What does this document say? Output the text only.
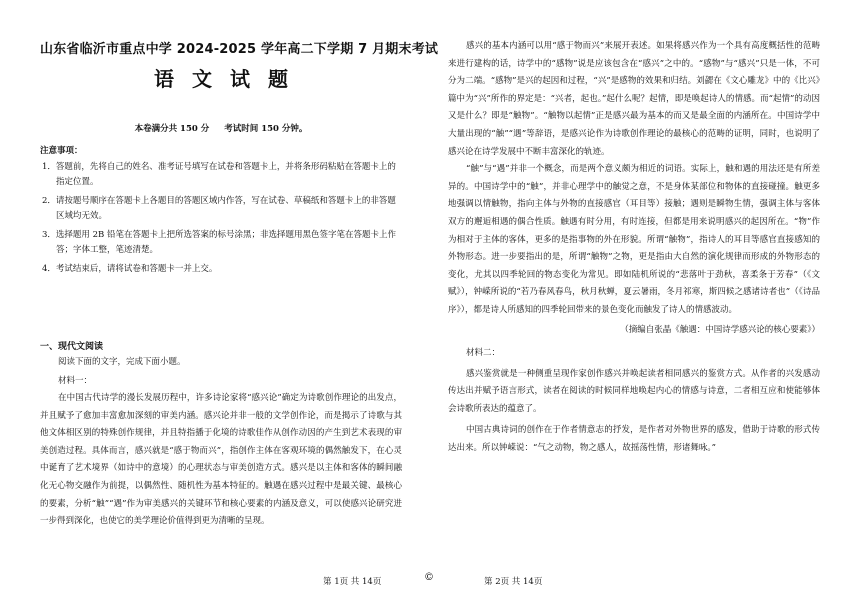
山东省临沂市重点中学 2024-2025 学年高二下学期 7 月期末考试
语文试题
本卷满分共 150 分 考试时间 150 分钟。
注意事项：
1．答题前，先将自己的姓名、准考证号填写在试卷和答题卡上，并将条形码粘贴在答题卡上的指定位置。
2．请按题号顺序在答题卡上各题目的答题区域内作答，写在试卷、草稿纸和答题卡上的非答题区域均无效。
3．选择题用 2B 铅笔在答题卡上把所选答案的标号涂黑；非选择题用黑色签字笔在答题卡上作答；字体工整，笔迹清楚。
4．考试结束后，请将试卷和答题卡一并上交。
一、现代文阅读

阅读下面的文字，完成下面小题。

材料一：

在中国古代诗学的漫长发展历程中，许多诗论家将“感兴论”确定为诗歌创作理论的出发点，并且赋予了愈加丰富愈加深刻的审美内涵。感兴论并非一般的文学创作论，而是揭示了诗歌与其他文体相区别的特殊创作规律，并且特指播于化境的诗歌佳作从创作动因的产生到艺术表现的审美创造过程。具体而言，感兴就是“感于物而兴”，指创作主体在客观环境的偶然触发下，在心灵中诞育了艺术境界（如诗中的意境）的心理状态与审美创造方式。感兴是以主体和客体的瞬间融化无心物交融作为前提，以偶然性、随机性为基本特征的。触遇在感兴过程中是最关键、最核心的要素，分析“触”“遇”作为审美感兴的关键环节和核心要素的内涵及意义，可以使感兴论研究进一步得到深化，也使它的美学理论价值得到更为清晰的呈现。

感兴的基本内涵可以用“感于物而兴”来展开表述。如果将感兴作为一个具有高度概括性的范畴来进行建构的话，诗学中的“感物”说是应该包含在“感兴”之中的。“感物”与“感兴”只是一体，不可分为二端。“感物”是兴的起因和过程，“兴”是感物的效果和归结。刘勰在《文心雕龙》中的《比兴》篇中为“兴”所作的界定是：“兴者，起也。”起什么呢？起情，即是唤起诗人的情感。而“起情”的动因又是什么？即是“触物”。“触物以起情”正是感兴最为基本的而又是最全面的内涵所在。中国诗学中大量出现的“触”“遇”等辞语，是感兴论作为诗歌创作理论的最核心的范畴的证明，同时，也说明了感兴论在诗学发展中不断丰富深化的轨迹。

“触”与“遇”并非一个概念，而是两个意义颇为相近的词语。实际上，触和遇的用法还是有所差异的。中国诗学中的“触”，并非心理学中的触觉之意，不是身体某部位和物体的直接碰撞。触更多地强调以情触物，指向主体与外物的直接感官（耳目等）接触；遇则是瞬物生情，强调主体与客体双方的邂逅相遇的偶合性质。触遇有时分用，有时连接，但都是用来说明感兴的起因所在。“物”作为相对于主体的客体，更多的是指事物的外在形貌。所谓“触物”，指诗人的耳目等感官直接感知的外物形态。进一步要指出的是，所谓“触物”之物，更是指由大自然的演化规律而形成的外物形态的变化，尤其以四季轮回的物态变化为常见。即如陆机所说的“悲落叶于劲秋，喜柔条于芳春”（《文赋》），钟嵘所说的“若乃春风春鸟，秋月秋蝉，夏云暑雨，冬月祁寒，斯四候之感诸诗者也”（《诗品序》），都是诗人所感知的四季轮回带来的景色变化而触发了诗人的情感波动。

（摘编自张晶《触遇：中国诗学感兴论的核心要素》）

材料二：

感兴鉴赏就是一种侧重呈现作家创作感兴并唤起读者相同感兴的鉴赏方式。从作者的兴发感动传达出并赋予语言形式，读者在阅读的时候同样地唤起内心的情感与诗意，二者相互应和使能够体会诗歌所表达的蕴意了。

中国古典诗词的创作在于作者情意志的抒发，是作者对外物世界的感发，借助于诗歌的形式传达出来。所以钟嵘说：“气之动物，物之感人，故摇荡性情，形诸舞咏。”

第 1页 共 14页	©	第 2页 共 14页
